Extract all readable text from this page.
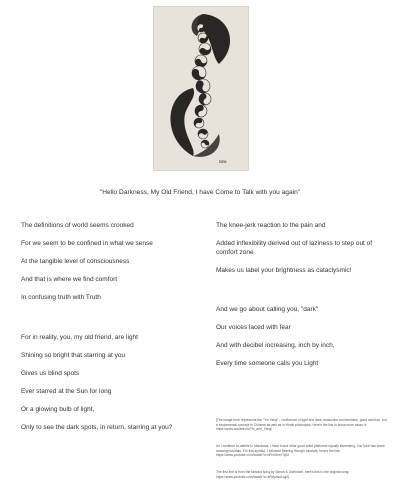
BRt
"Hello Darkness, My Old Friend, I have Come to Talk with you again"
The definitions of world seems crooked
For we seem to be confined in what we sense
At the tangible level of consciousness
And that is where we find comfort
In confusing truth with Truth
For in reality, you, my old friend, are light
Shining so bright that starring at you
Gives us blind spots
Ever starred at the Sun for long
Or a glowing bulb of light,
Only to see the dark spots, in return, starring at you?
The knee-jerk reaction to the pain and
Added inflexibility derived out of laziness to step out of comfort zone
Makes us label your brightness as cataclysmic!
And we go about calling you, "dark"
Our voices laced with fear
And with decibel increasing, inch by inch,
Every time someone calls you Light
[The image here represents the "Yin Yang" - confluence of light and dark, masculine and feminine, good and bad. It is a fundamental concept in Chinese as well as in Hindu philosophy. Here's the link to know more about it: https://www.ancient.eu/Yin_and_Yang/
As I continue to dabble in Mandalas, I have found other good artist platforms equally interesting. YouTube has some amazing tutorials. For this symbol, I followed Beering Wong's tutorials, here's the link: https://www.youtube.com/watch?v=nFNrSeeY3pU
The first line is from the famous song by Simon & Garfunkel, here's link to the original song: https://www.youtube.com/watch?v=4fWyzwo1xg0]
